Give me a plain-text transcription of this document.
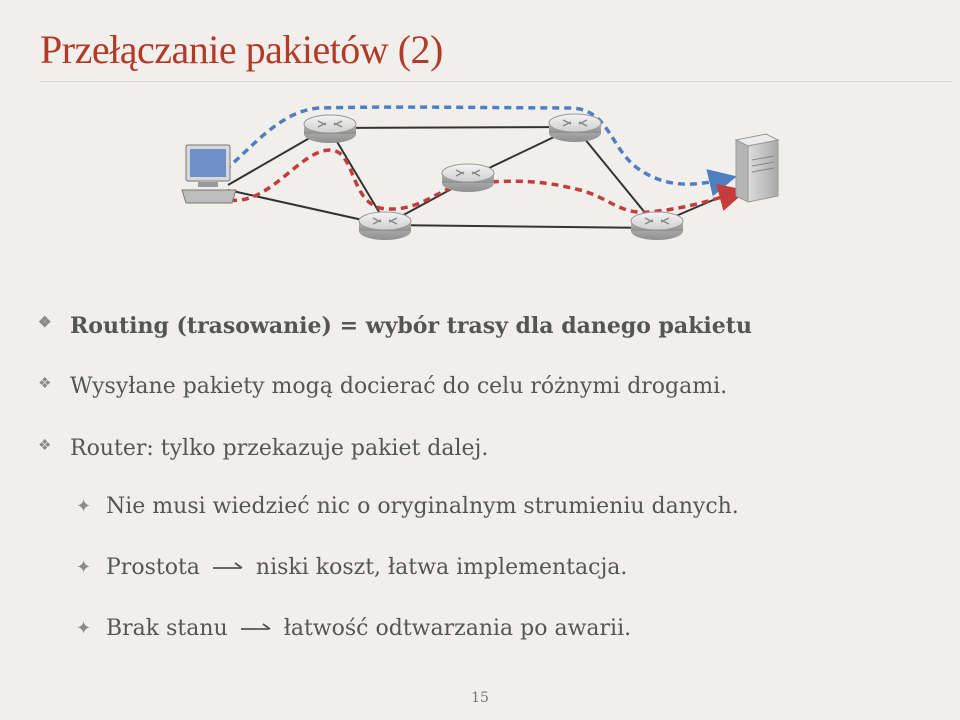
Przełączanie pakietów (2)
❖ Routing (trasowanie) = wybór trasy dla danego pakietu
❖ Wysyłane pakiety mogą docierać do celu różnymi drogami.
❖ Router: tylko przekazuje pakiet dalej.
✦ Nie musi wiedzieć nic o oryginalnym strumieniu danych.
✦ Prostota	niski koszt, łatwa implementacja.
✦ Brak stanu	łatwość odtwarzania po awarii.
15
